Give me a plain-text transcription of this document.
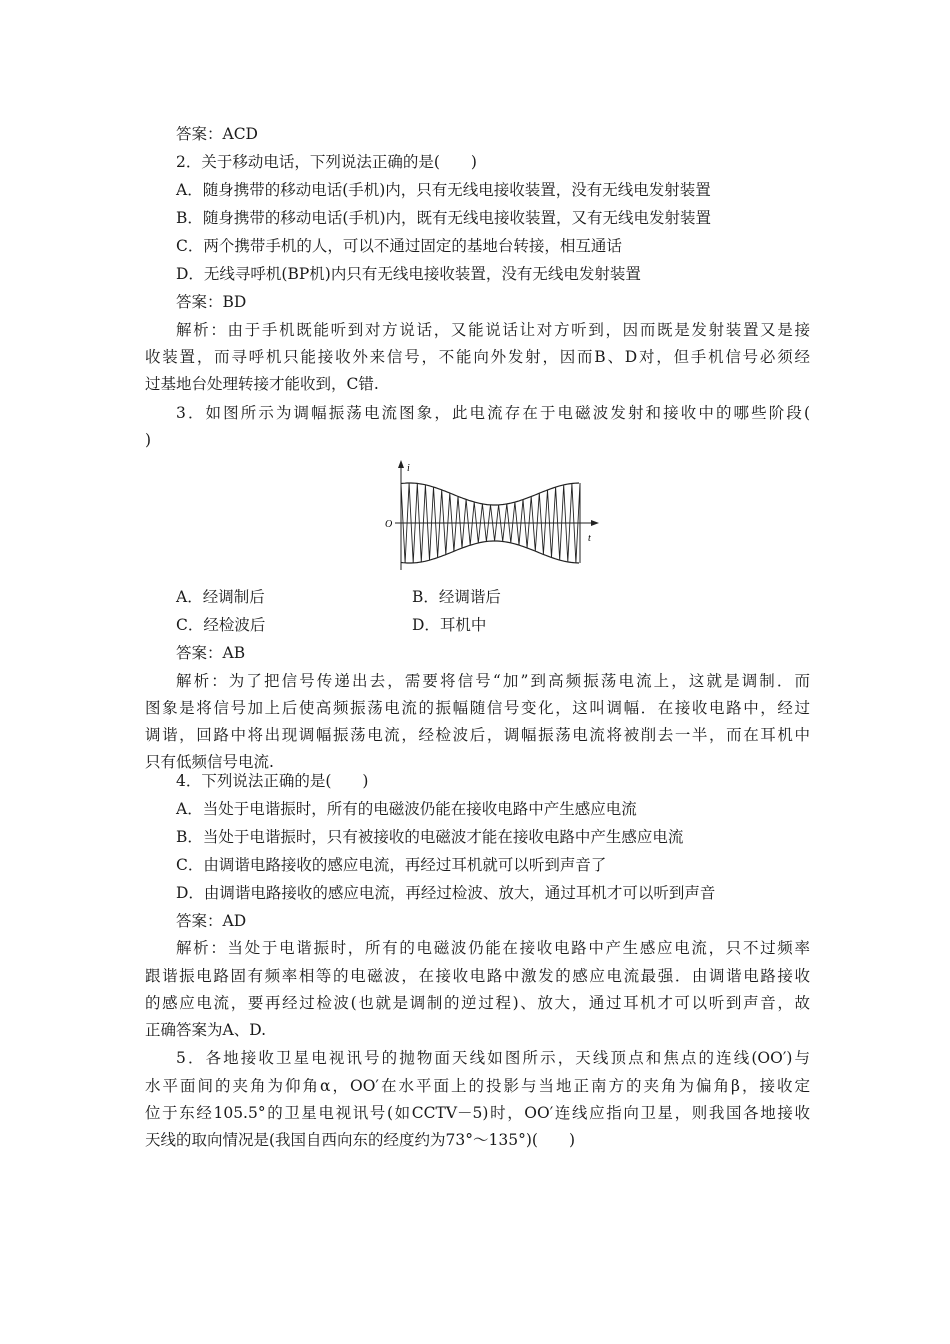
答案：ACD
2．关于移动电话，下列说法正确的是(　　)
A．随身携带的移动电话(手机)内，只有无线电接收装置，没有无线电发射装置
B．随身携带的移动电话(手机)内，既有无线电接收装置，又有无线电发射装置
C．两个携带手机的人，可以不通过固定的基地台转接，相互通话
D．无线寻呼机(BP机)内只有无线电接收装置，没有无线电发射装置
答案：BD
解析：由于手机既能听到对方说话，又能说话让对方听到，因而既是发射装置又是接
收装置，而寻呼机只能接收外来信号，不能向外发射，因而B、D对，但手机信号必须经
过基地台处理转接才能收到，C错.
3．如图所示为调幅振荡电流图象，此电流存在于电磁波发射和接收中的哪些阶段(
)
i
t
O
A．经调制后	B．经调谐后
C．经检波后	D．耳机中
答案：AB
解析：为了把信号传递出去，需要将信号“加”到高频振荡电流上，这就是调制．而
图象是将信号加上后使高频振荡电流的振幅随信号变化，这叫调幅．在接收电路中，经过
调谐，回路中将出现调幅振荡电流，经检波后，调幅振荡电流将被削去一半，而在耳机中
只有低频信号电流.
4．下列说法正确的是(　　)
A．当处于电谐振时，所有的电磁波仍能在接收电路中产生感应电流
B．当处于电谐振时，只有被接收的电磁波才能在接收电路中产生感应电流
C．由调谐电路接收的感应电流，再经过耳机就可以听到声音了
D．由调谐电路接收的感应电流，再经过检波、放大，通过耳机才可以听到声音
答案：AD
解析：当处于电谐振时，所有的电磁波仍能在接收电路中产生感应电流，只不过频率
跟谐振电路固有频率相等的电磁波，在接收电路中激发的感应电流最强．由调谐电路接收
的感应电流，要再经过检波(也就是调制的逆过程)、放大，通过耳机才可以听到声音，故
正确答案为A、D.
5．各地接收卫星电视讯号的抛物面天线如图所示，天线顶点和焦点的连线(OO′)与
水平面间的夹角为仰角α，OO′在水平面上的投影与当地正南方的夹角为偏角β，接收定
位于东经105.5°的卫星电视讯号(如CCTV－5)时，OO′连线应指向卫星，则我国各地接收
天线的取向情况是(我国自西向东的经度约为73°～135°)(　　)
